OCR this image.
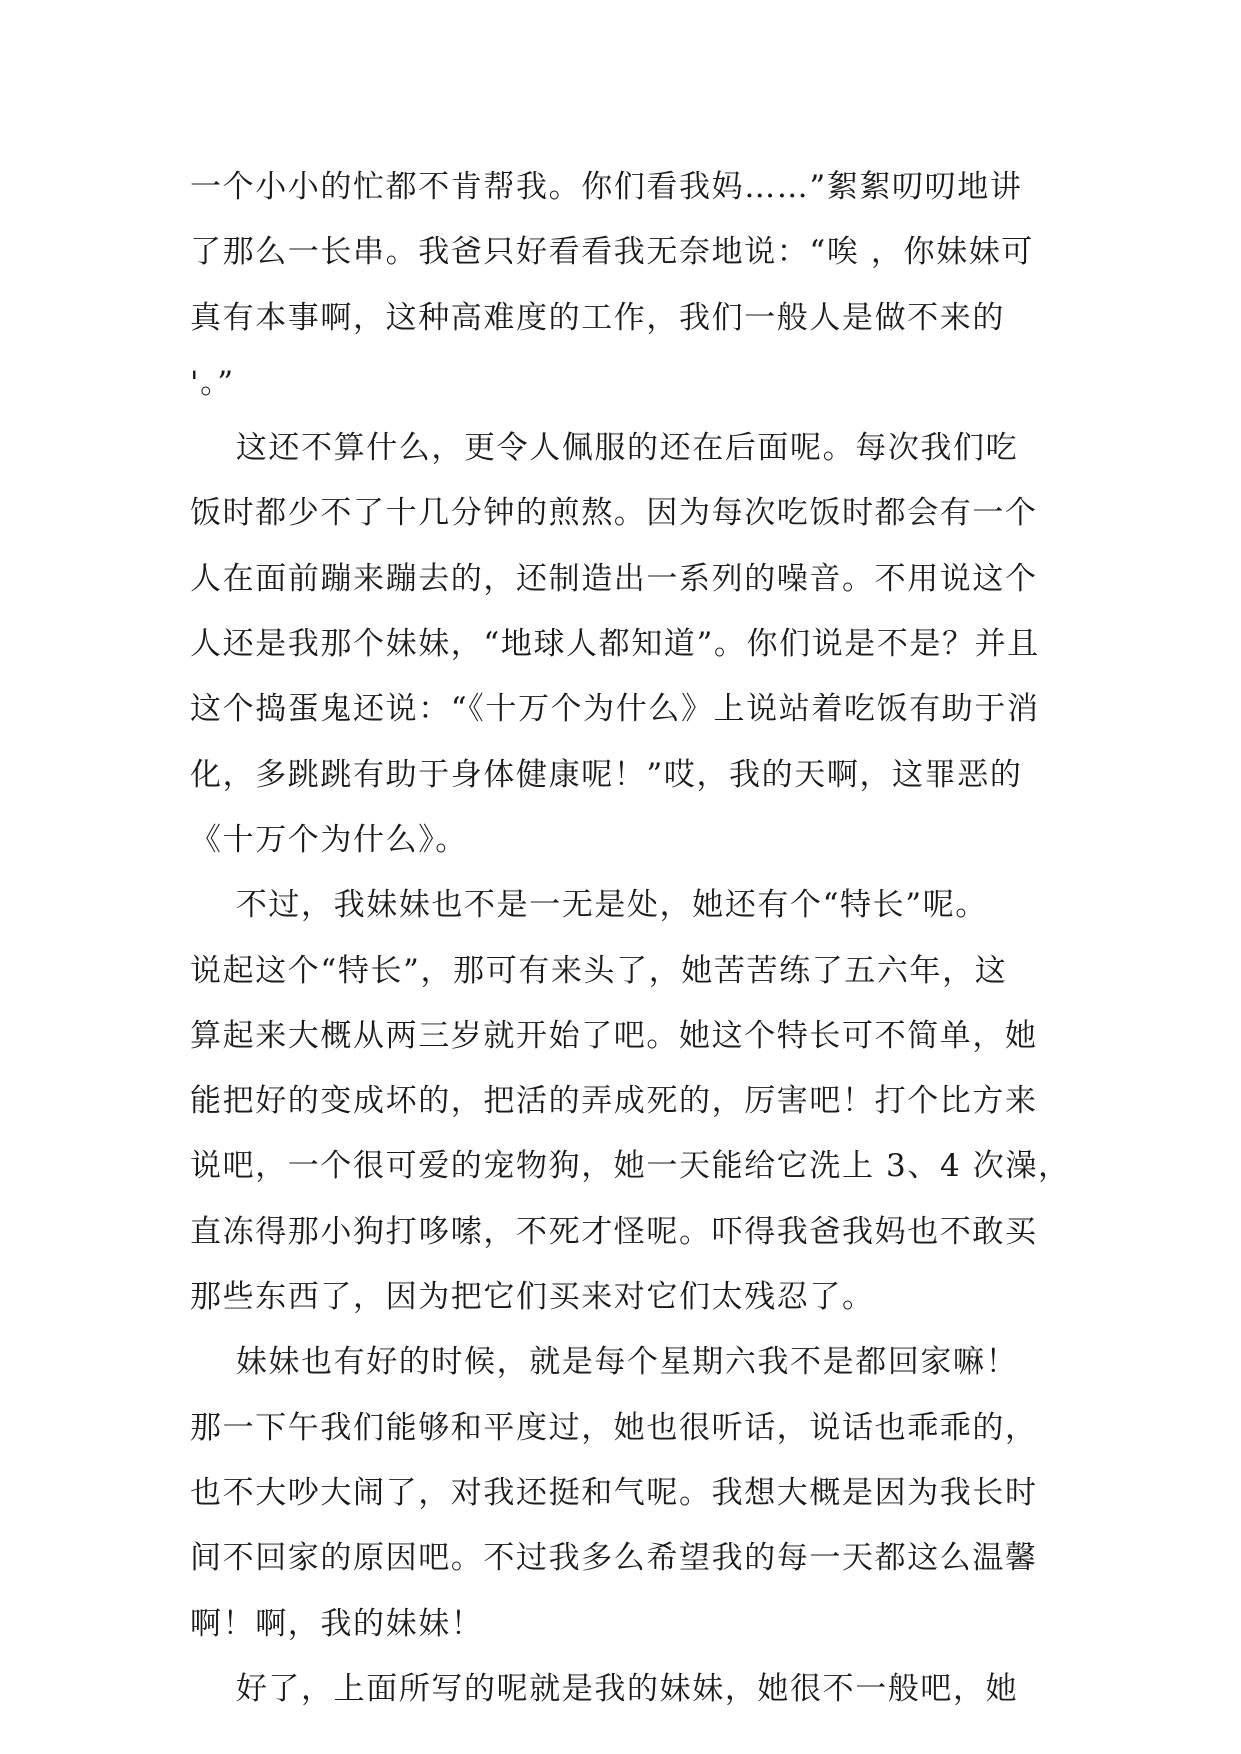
一个小小的忙都不肯帮我。你们看我妈……”絮絮叨叨地讲
了那么一长串。我爸只好看看我无奈地说：“唉 ，你妹妹可
真有本事啊，这种高难度的工作，我们一般人是做不来的
'。”
这还不算什么，更令人佩服的还在后面呢。每次我们吃
饭时都少不了十几分钟的煎熬。因为每次吃饭时都会有一个
人在面前蹦来蹦去的，还制造出一系列的噪音。不用说这个
人还是我那个妹妹，“地球人都知道”。你们说是不是？并且
这个捣蛋鬼还说：“《十万个为什么》上说站着吃饭有助于消
化，多跳跳有助于身体健康呢！”哎，我的天啊，这罪恶的
《十万个为什么》。
不过，我妹妹也不是一无是处，她还有个“特长”呢。
说起这个“特长”，那可有来头了，她苦苦练了五六年，这
算起来大概从两三岁就开始了吧。她这个特长可不简单，她
能把好的变成坏的，把活的弄成死的，厉害吧！打个比方来
说吧，一个很可爱的宠物狗，她一天能给它洗上 3、4 次澡，
直冻得那小狗打哆嗦，不死才怪呢。吓得我爸我妈也不敢买
那些东西了，因为把它们买来对它们太残忍了。
妹妹也有好的时候，就是每个星期六我不是都回家嘛！
那一下午我们能够和平度过，她也很听话，说话也乖乖的，
也不大吵大闹了，对我还挺和气呢。我想大概是因为我长时
间不回家的原因吧。不过我多么希望我的每一天都这么温馨
啊！啊，我的妹妹！
好了，上面所写的呢就是我的妹妹，她很不一般吧，她
